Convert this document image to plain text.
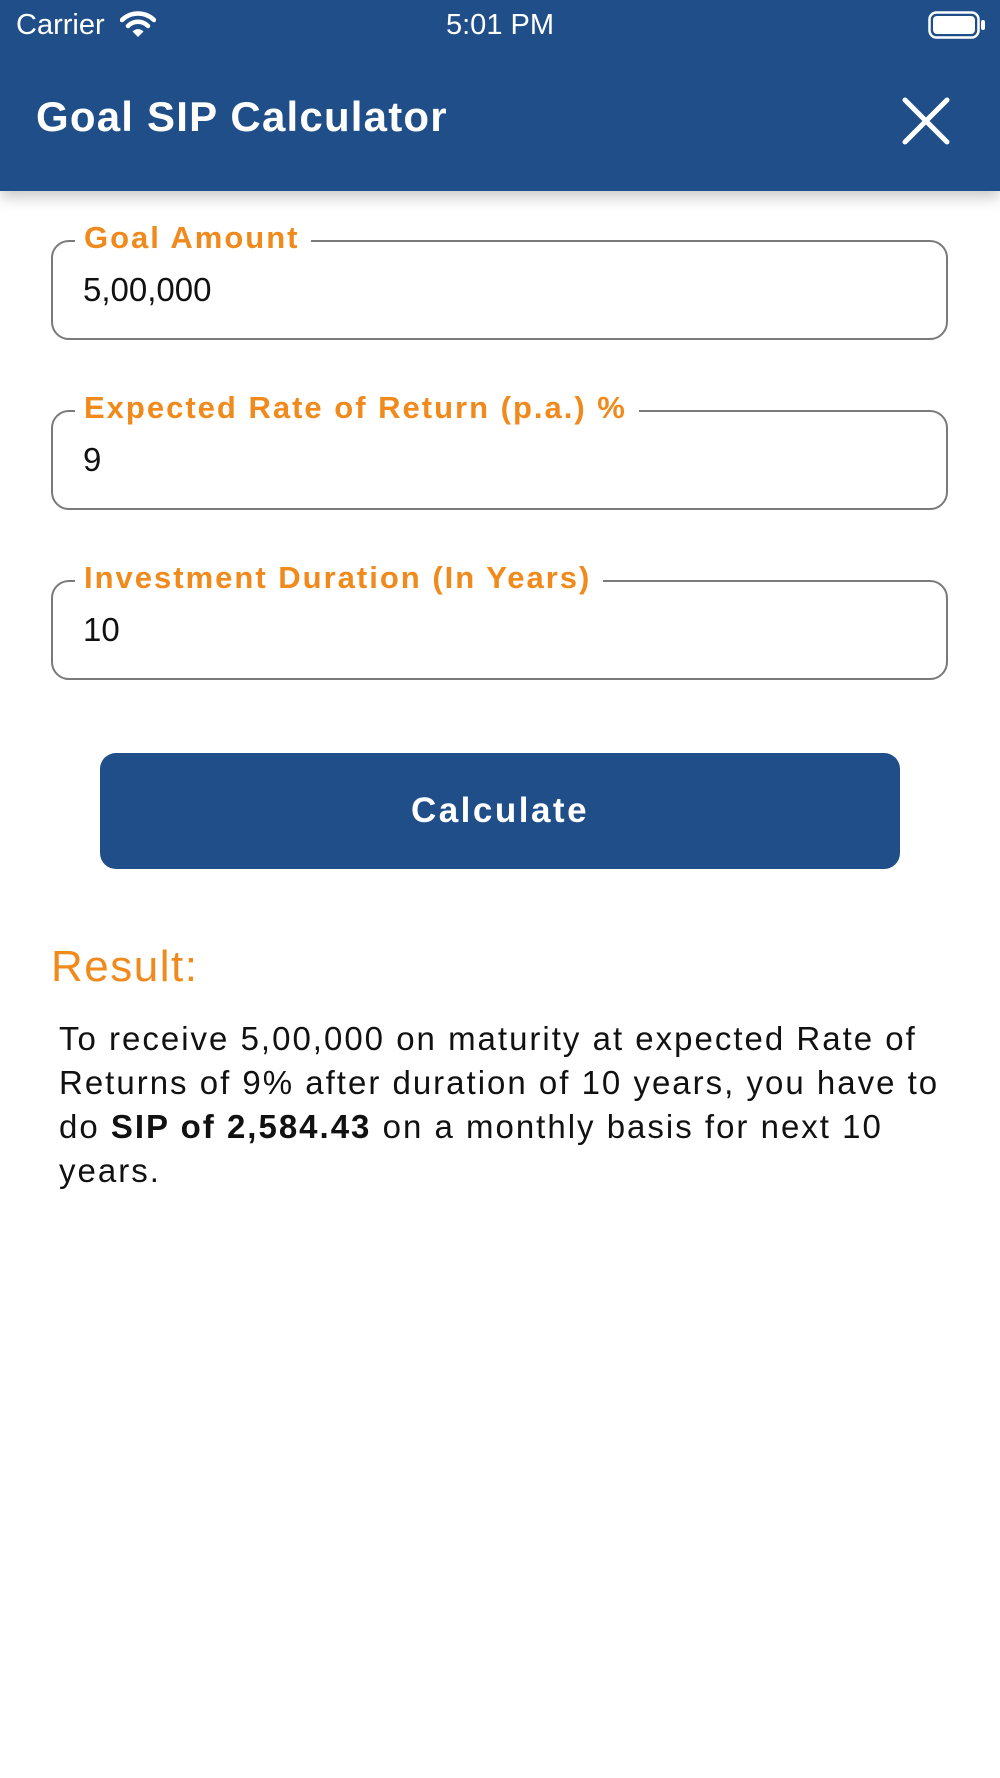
Carrier	5:01 PM
Goal SIP Calculator
Goal Amount
5,00,000
Expected Rate of Return (p.a.) %
9
Investment Duration (In Years)
10
Calculate
Result:
To receive 5,00,000 on maturity at expected Rate of Returns of 9% after duration of 10 years, you have to do SIP of 2,584.43 on a monthly basis for next 10 years.
